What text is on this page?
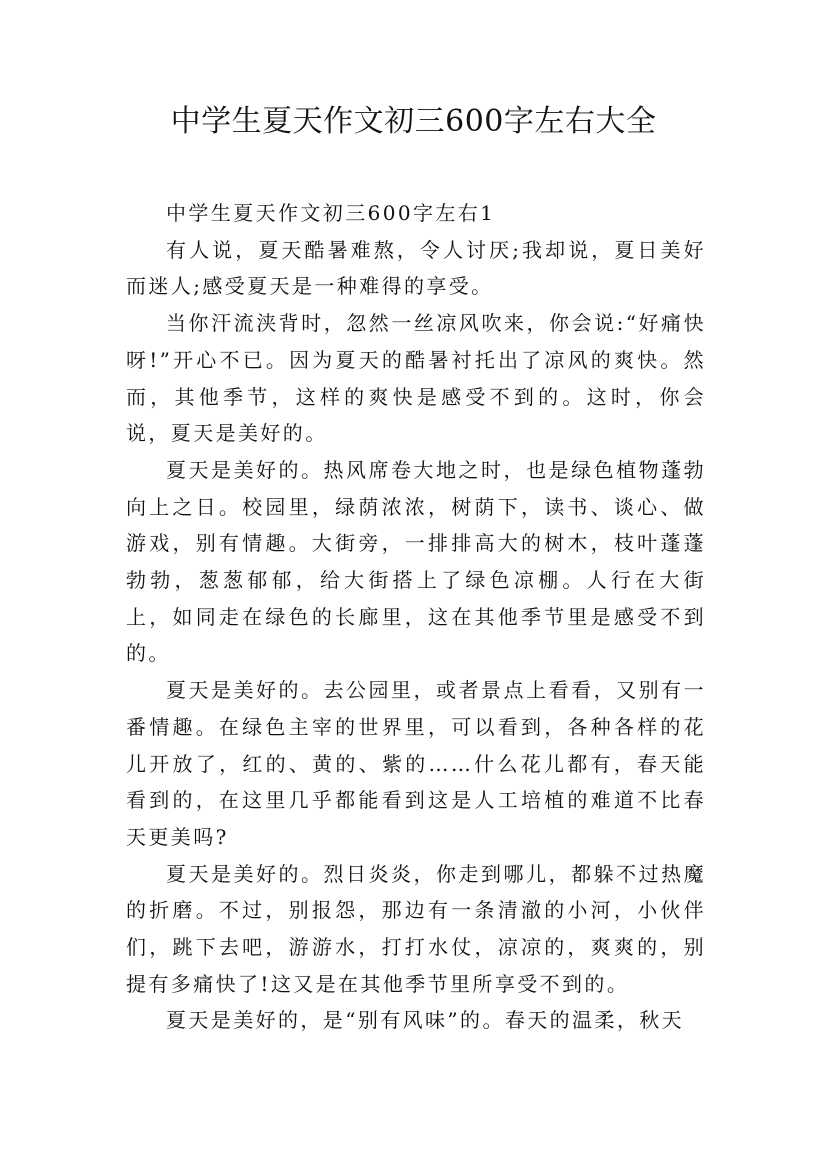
中学生夏天作文初三600字左右大全

中学生夏天作文初三600字左右1

有人说，夏天酷暑难熬，令人讨厌;我却说，夏日美好而迷人;感受夏天是一种难得的享受。

当你汗流浃背时，忽然一丝凉风吹来，你会说:“好痛快呀!”开心不已。因为夏天的酷暑衬托出了凉风的爽快。然而，其他季节，这样的爽快是感受不到的。这时，你会说，夏天是美好的。

夏天是美好的。热风席卷大地之时，也是绿色植物蓬勃向上之日。校园里，绿荫浓浓，树荫下，读书、谈心、做游戏，别有情趣。大街旁，一排排高大的树木，枝叶蓬蓬勃勃，葱葱郁郁，给大街搭上了绿色凉棚。人行在大街上，如同走在绿色的长廊里，这在其他季节里是感受不到的。

夏天是美好的。去公园里，或者景点上看看，又别有一番情趣。在绿色主宰的世界里，可以看到，各种各样的花儿开放了，红的、黄的、紫的……什么花儿都有，春天能看到的，在这里几乎都能看到这是人工培植的难道不比春天更美吗?

夏天是美好的。烈日炎炎，你走到哪儿，都躲不过热魔的折磨。不过，别报怨，那边有一条清澈的小河，小伙伴们，跳下去吧，游游水，打打水仗，凉凉的，爽爽的，别提有多痛快了!这又是在其他季节里所享受不到的。

夏天是美好的，是“别有风味”的。春天的温柔，秋天
